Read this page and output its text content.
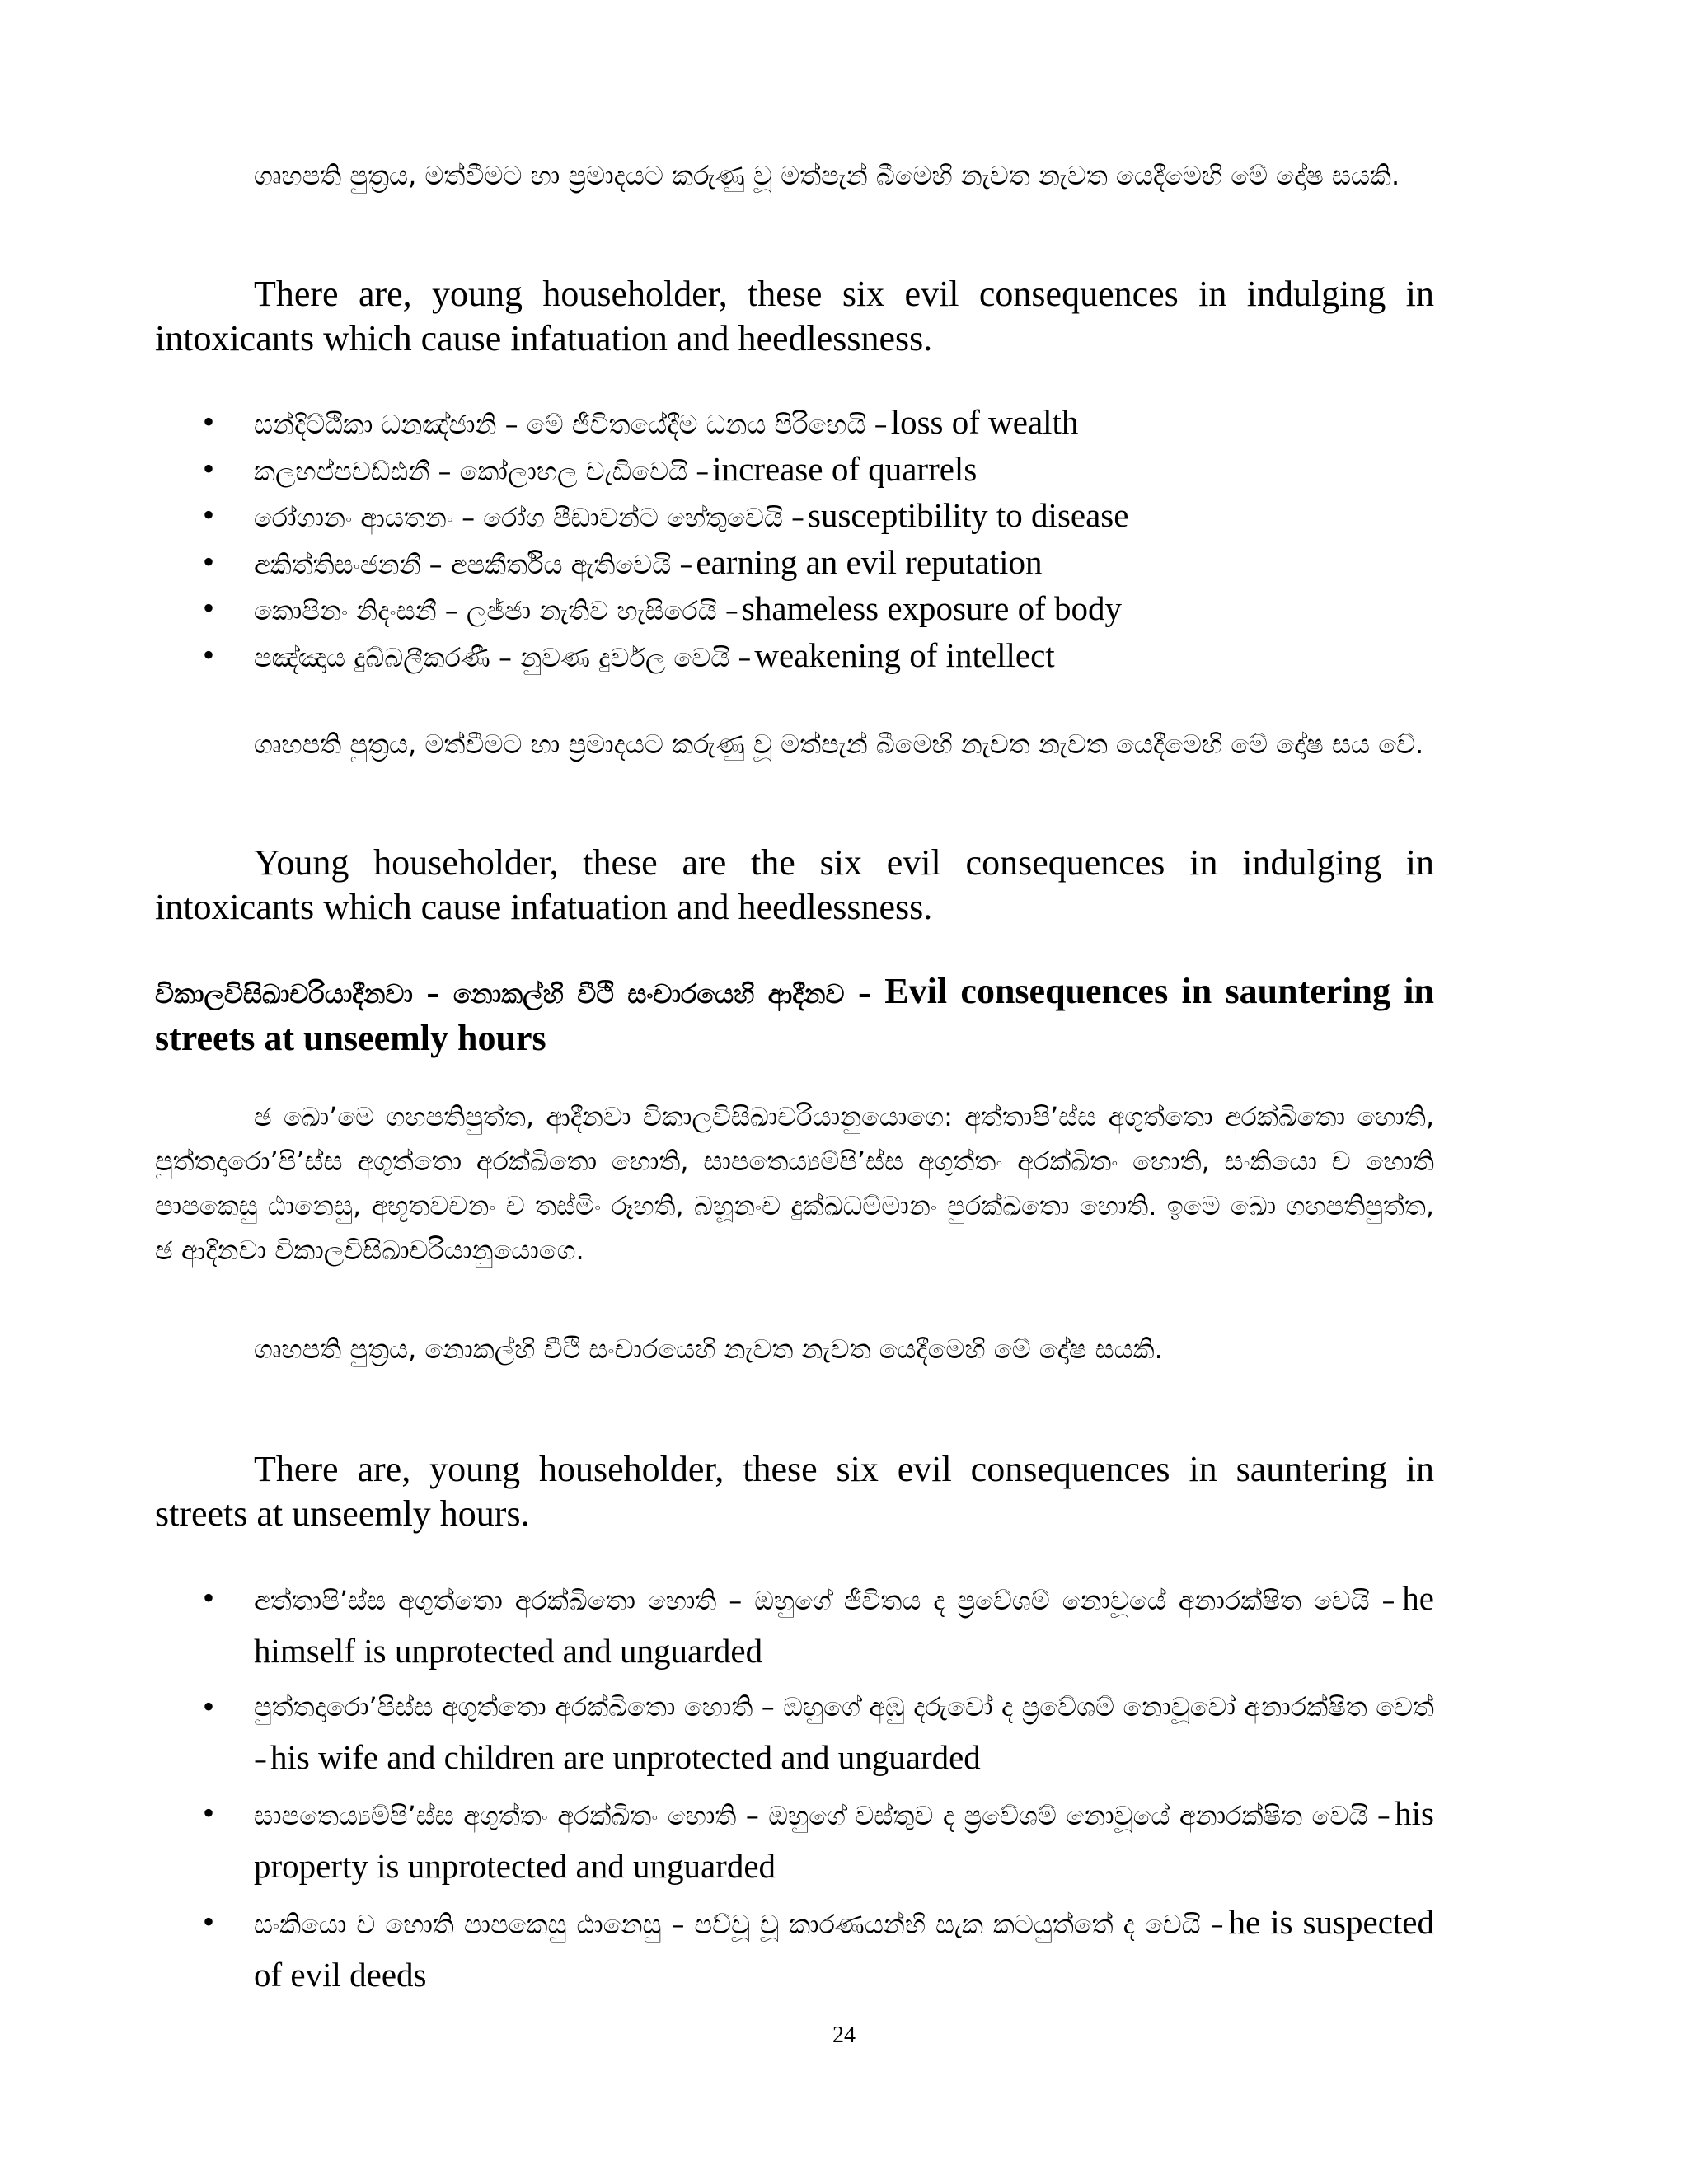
ගෘහපති පුත්‍රය, මත්වීමට හා ප්‍රමාදයට කරුණු වූ මත්පැන් බීමෙහි නැවත නැවත යෙදීමෙහි මේ දෝෂ සයකි.

There are, young householder, these six evil consequences in indulging in intoxicants which cause infatuation and heedlessness.

• සන්දිට්ඨිකා ධනඤ්ජානි – මේ ජීවිතයේදීම ධනය පිරිහෙයි – loss of wealth
• කලහප්පවඩ්ඪනී – කෝලාහල වැඩිවෙයි – increase of quarrels
• රෝගානං ආයතනං – රෝග පීඩාවන්ට හේතුවෙයි – susceptibility to disease
• අකිත්තිසංජනනී – අපකීර්තිය ඇතිවෙයි – earning an evil reputation
• කොපිනං නිදංසනී – ලජ්ජා නැතිව හැසිරෙයි – shameless exposure of body
• පඤ්ඤාය දුබ්බලීකරණී – නුවණ දුර්වල වෙයි – weakening of intellect

ගෘහපති පුත්‍රය, මත්වීමට හා ප්‍රමාදයට කරුණු වූ මත්පැන් බීමෙහි නැවත නැවත යෙදීමෙහි මේ දෝෂ සය වේ.

Young householder, these are the six evil consequences in indulging in intoxicants which cause infatuation and heedlessness.

විකාලවිසිඛාචරියාදීනවා – නොකල්හි වීථි සංචාරයෙහි ආදීනව – Evil consequences in sauntering in streets at unseemly hours

ඡ ඛො’මෙ ගහපතිපුත්ත, ආදීනවා විකාලවිසිඛාචරියානුයොගෙ: අත්තාපි’ස්ස අගුත්තො අරක්ඛිතො හොති, පුත්තදාරො’පි’ස්ස අගුත්තො අරක්ඛිතො හොති, සාපතෙය්‍යම්පි’ස්ස අගුත්තං අරක්ඛිතං හොති, සංකියො ච හොති පාපකෙසු ඨානෙසු, අභූතවචනං ච තස්මිං රූහති, බහූනංච දුක්ඛධම්මානං පුරක්ඛතො හොති. ඉමෙ ඛො ගහපතිපුත්ත, ඡ ආදීනවා විකාලවිසිඛාචරියානුයොගෙ.

ගෘහපති පුත්‍රය, නොකල්හි වීථි සංචාරයෙහි නැවත නැවත යෙදීමෙහි මේ දෝෂ සයකි.

There are, young householder, these six evil consequences in sauntering in streets at unseemly hours.

• අත්තාපි’ස්ස අගුත්තො අරක්ඛිතො හොති – ඔහුගේ ජීවිතය ද ප්‍රවේශම් නොවූයේ අනාරක්ෂිත වෙයි – he himself is unprotected and unguarded
• පුත්තදාරො’පිස්ස අගුත්තො අරක්ඛිතො හොති – ඔහුගේ අඹු දරුවෝ ද ප්‍රවේශම් නොවූවෝ අනාරක්ෂිත වෙත් – his wife and children are unprotected and unguarded
• සාපතෙය්‍යම්පි’ස්ස අගුත්තං අරක්ඛිතං හොති – ඔහුගේ වස්තුව ද ප්‍රවේශම් නොවූයේ අනාරක්ෂිත වෙයි – his property is unprotected and unguarded
• සංකියො ච හොති පාපකෙසු ඨානෙසු – පව්වූ වූ කාරණයන්හි සැක කටයුත්තේ ද වෙයි – he is suspected of evil deeds
24
